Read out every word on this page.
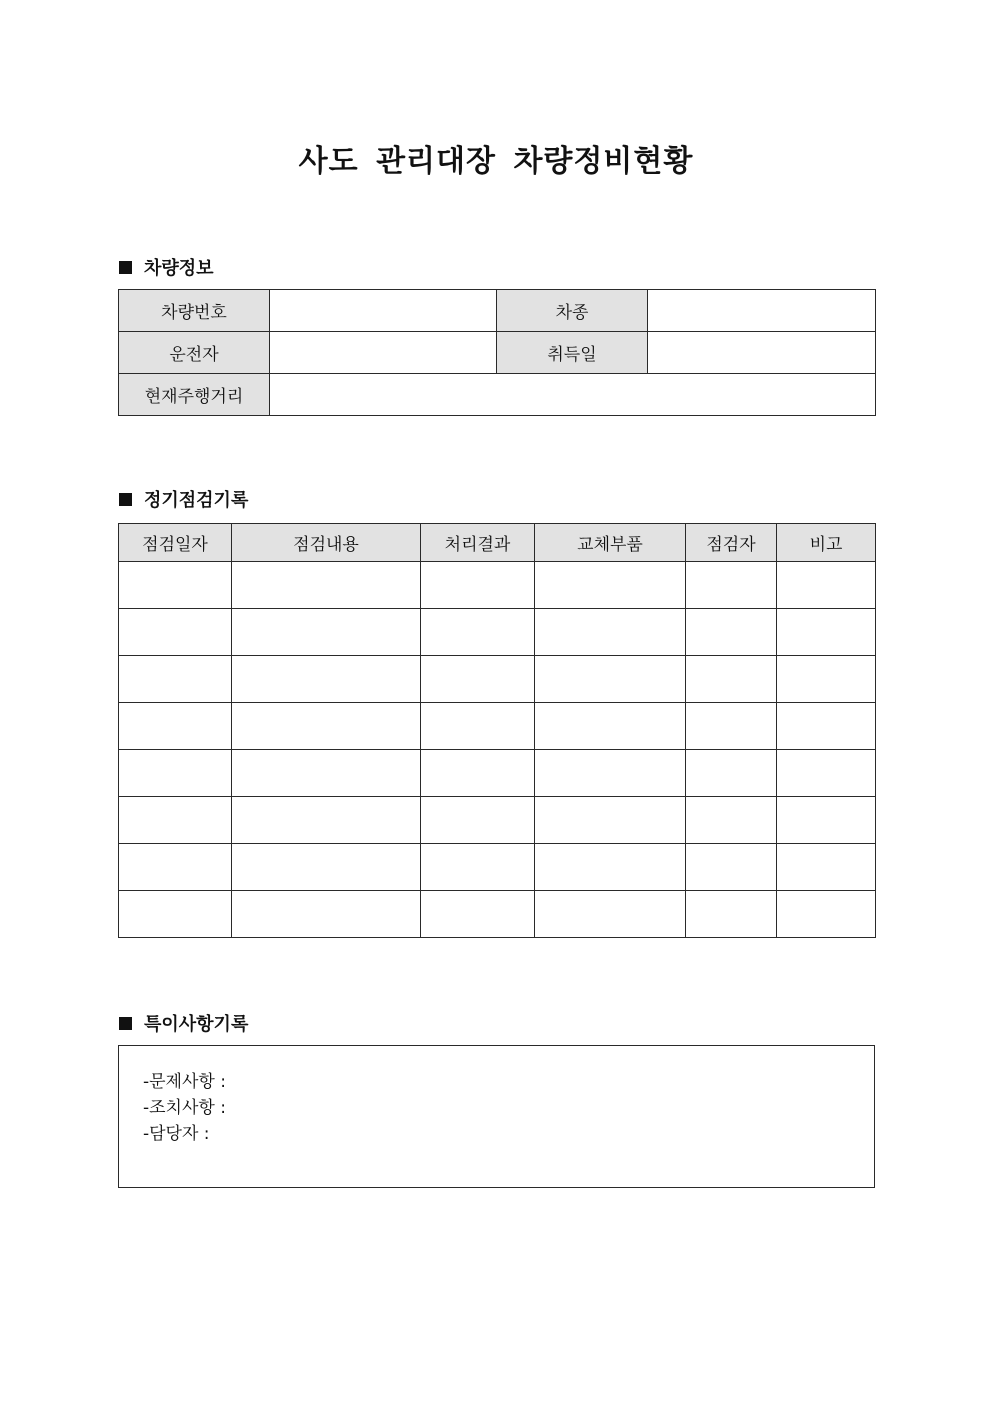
사도 관리대장 차량정비현황
차량정보
차량번호		차종	
운전자		취득일	
현재주행거리			
정기점검기록
점검일자	점검내용	처리결과	교체부품	점검자	비고

특이사항기록
-문제사항 :
-조치사항 :
-담당자 :
